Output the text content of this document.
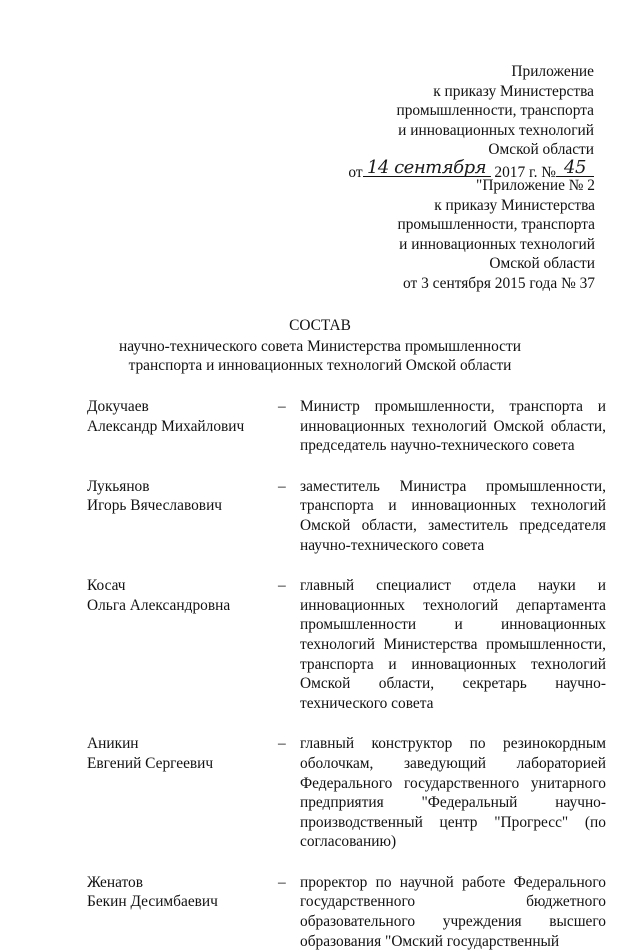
Приложение
к приказу Министерства
промышленности, транспорта
и инновационных технологий
Омской области
от 14 сентября 2017 г. № 45
"Приложение № 2
к приказу Министерства
промышленности, транспорта
и инновационных технологий
Омской области
от 3 сентября 2015 года № 37
СОСТАВ
научно-технического совета Министерства промышленности
транспорта и инновационных технологий Омской области
Докучаев
Александр Михайлович
– Министр промышленности, транспорта и инновационных технологий Омской области, председатель научно-технического совета
Лукьянов
Игорь Вячеславович
– заместитель Министра промышленности, транспорта и инновационных технологий Омской области, заместитель председателя научно-технического совета
Косач
Ольга Александровна
– главный специалист отдела науки и инновационных технологий департамента промышленности и инновационных технологий Министерства промышленности, транспорта и инновационных технологий Омской области, секретарь научно-технического совета
Аникин
Евгений Сергеевич
– главный конструктор по резинокордным оболочкам, заведующий лабораторией Федерального государственного унитарного предприятия "Федеральный научно-производственный центр "Прогресс" (по согласованию)
Женатов
Бекин Десимбаевич
– проректор по научной работе Федерального государственного бюджетного образовательного учреждения высшего образования "Омский государственный
